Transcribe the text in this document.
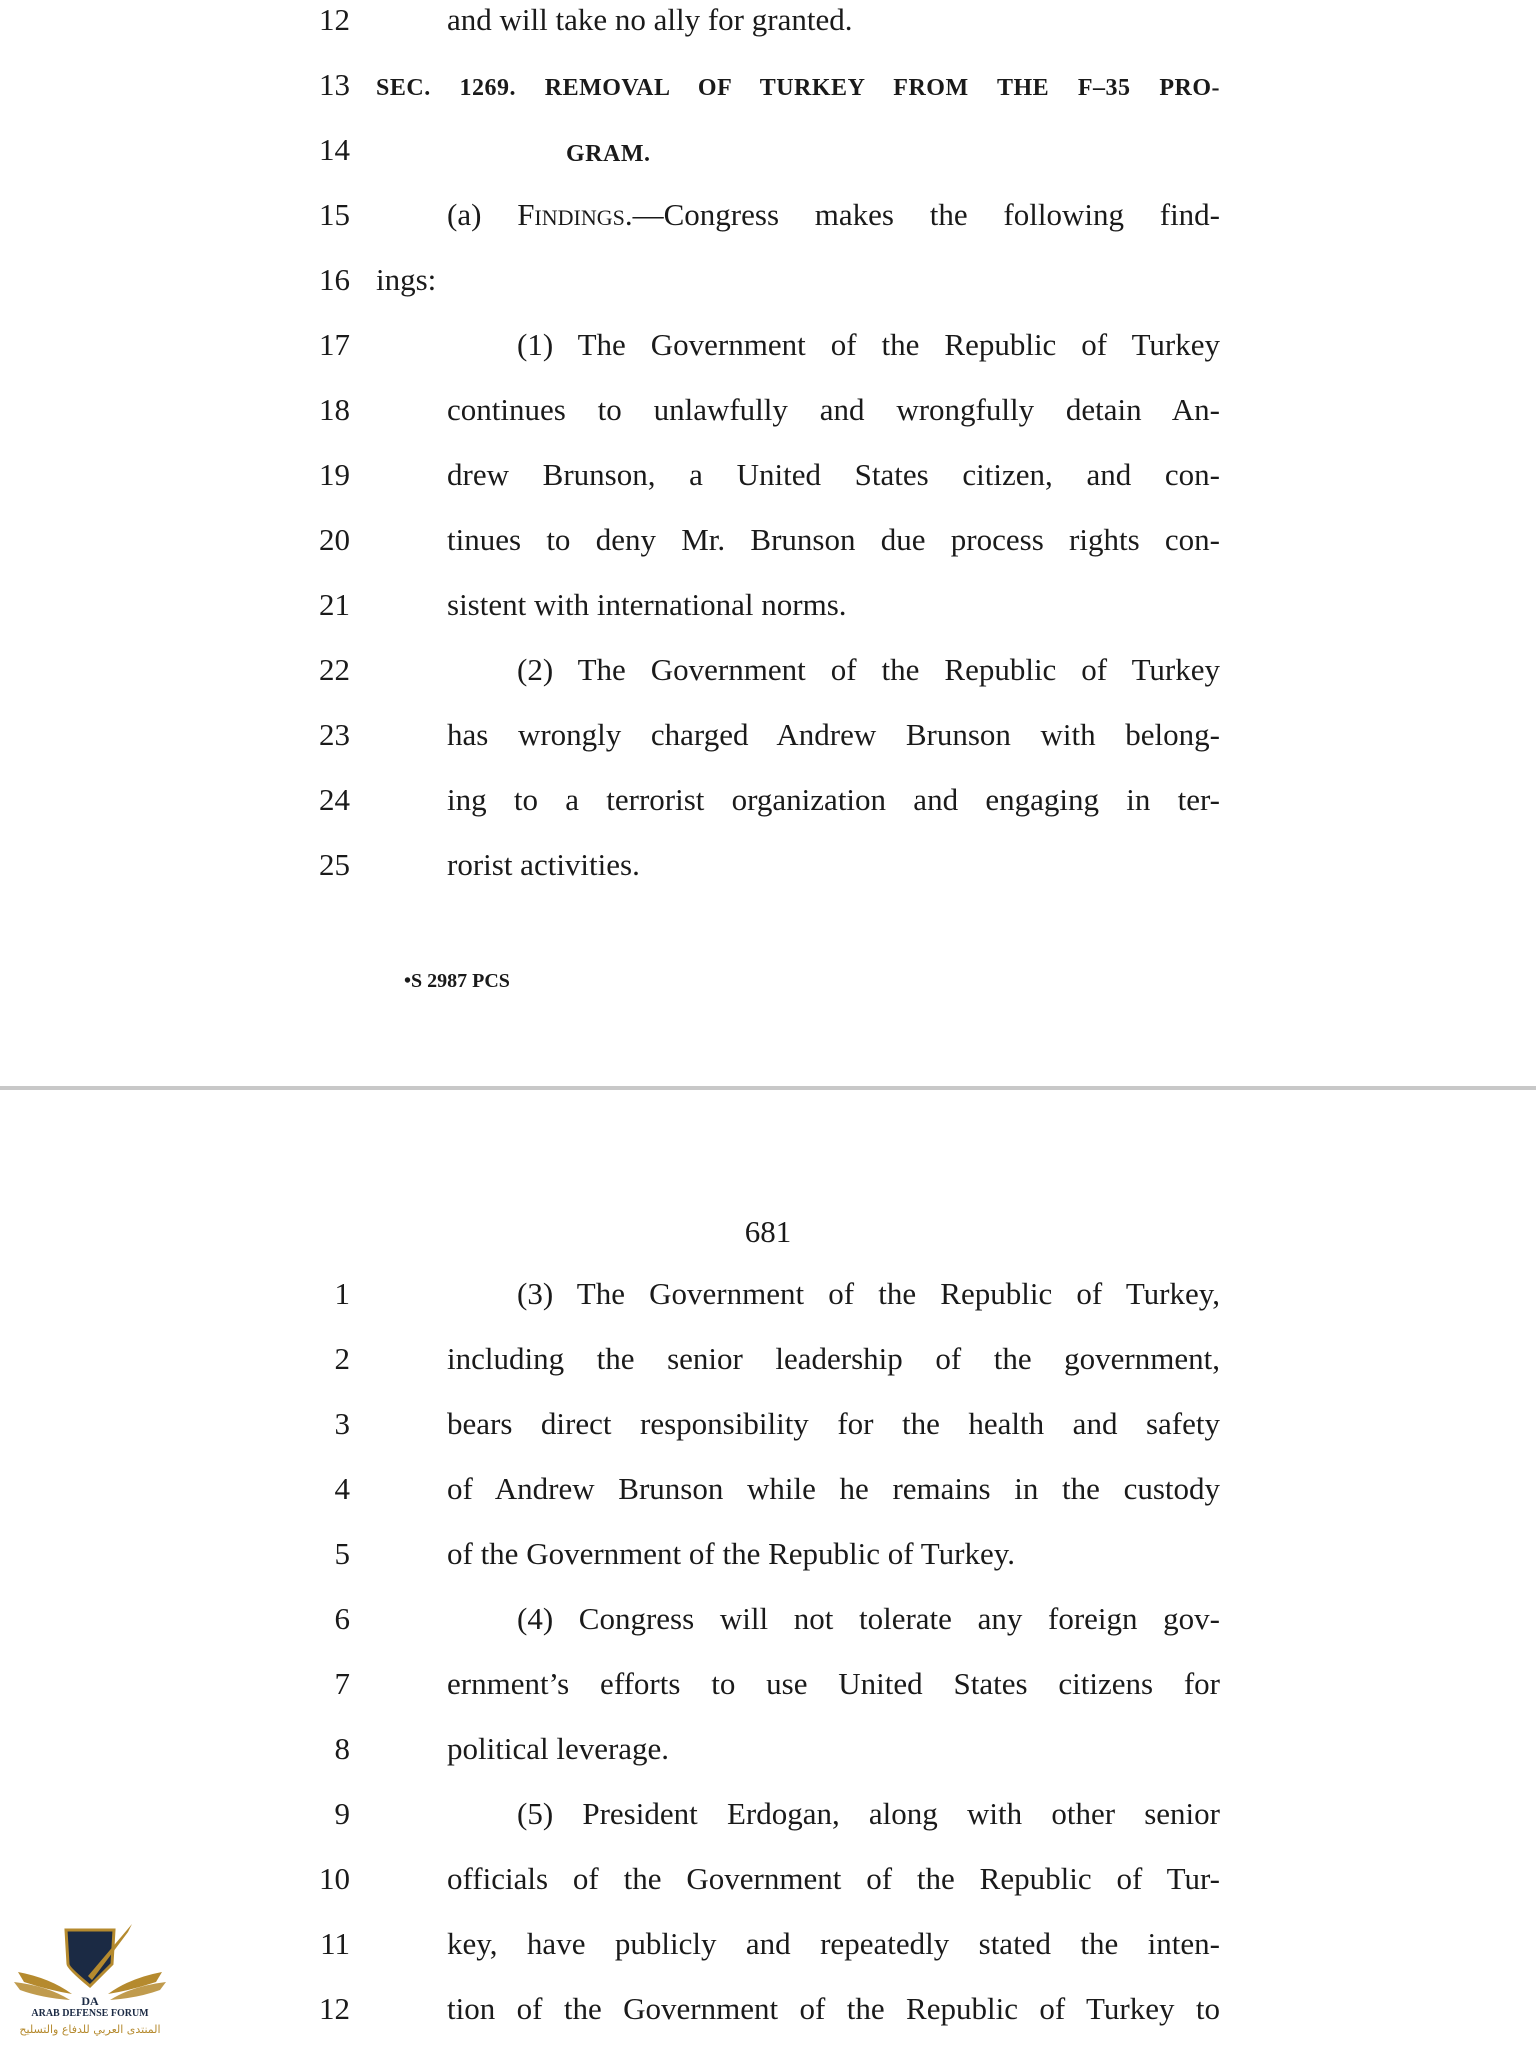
12	and will take no ally for granted.
13 SEC. 1269. REMOVAL OF TURKEY FROM THE F–35 PRO-
14	GRAM.
15	(a) Findings.—Congress makes the following find-
16 ings:
17	(1) The Government of the Republic of Turkey
18	continues to unlawfully and wrongfully detain An-
19	drew Brunson, a United States citizen, and con-
20	tinues to deny Mr. Brunson due process rights con-
21	sistent with international norms.
22	(2) The Government of the Republic of Turkey
23	has wrongly charged Andrew Brunson with belong-
24	ing to a terrorist organization and engaging in ter-
25	rorist activities.
•S 2987 PCS
681
1	(3) The Government of the Republic of Turkey,
2	including the senior leadership of the government,
3	bears direct responsibility for the health and safety
4	of Andrew Brunson while he remains in the custody
5	of the Government of the Republic of Turkey.
6	(4) Congress will not tolerate any foreign gov-
7	ernment’s efforts to use United States citizens for
8	political leverage.
9	(5) President Erdogan, along with other senior
10	officials of the Government of the Republic of Tur-
11	key, have publicly and repeatedly stated the inten-
12	tion of the Government of the Republic of Turkey to
ARAB DEFENSE FORUM
المنتدى العربي للدفاع والتسليح
DA
